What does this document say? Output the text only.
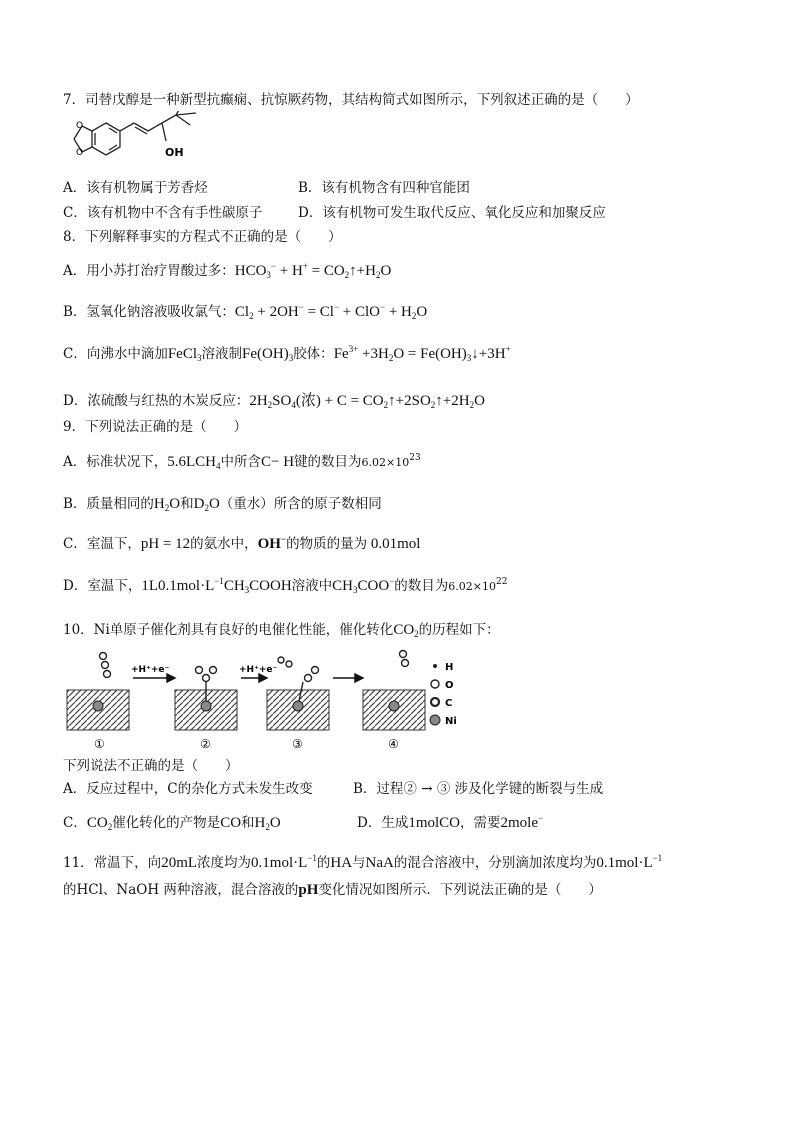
7．司替戊醇是一种新型抗癫痫、抗惊厥药物，其结构简式如图所示，下列叙述正确的是（　　）
O
O	OH
A．该有机物属于芳香烃	B．该有机物含有四种官能团
C．该有机物中不含有手性碳原子	D．该有机物可发生取代反应、氧化反应和加聚反应
8．下列解释事实的方程式不正确的是（　　）
A．用小苏打治疗胃酸过多：$HCO_3^- + H^+$ = $CO_2↑+H_2O$
B．氢氧化钠溶液吸收氯气：$Cl_2 + 2OH^- = Cl^- + ClO^- + H_2O$
C．向沸水中滴加FeCl$_3$溶液制$Fe(OH)_3$胶体：$Fe^{3+} +3H_2O$ = $Fe(OH)_3↓+3H^+$
D．浓硫酸与红热的木炭反应：$2H_2SO_4$(浓) + $C = CO_2↑+2SO_2↑+2H_2O$
9．下列说法正确的是（　　）
A．标准状况下，$5.6LCH_4$中所含C− H键的数目为$6.02\times 10^{23}$
B．质量相同的$H_2O$和$D_2O$（重水）所含的原子数相同
C．室温下，pH = 12的氨水中，OH−的物质的量为 0.01mol
D．室温下，$1L0.1mol\cdot L^{-1}CH_3COOH$溶液中$CH_3COO^-$的数目为$6.02\times 10^{22}$
10．Ni单原子催化剂具有良好的电催化性能，催化转化$CO_2$的历程如下：
+H⁺+e⁻	+H⁺+e⁻
①	②	③	④
H
O
C
Ni
下列说法不正确的是（　　）
A．反应过程中，C的杂化方式未发生改变	B．过程② → ③ 涉及化学键的断裂与生成
C．$CO_2$催化转化的产物是CO和$H_2O$	D．生成1molCO，需要2mole−
11．常温下，向20mL浓度均为$0.1mol\cdot L^{-1}$的HA与NaA的混合溶液中，分别滴加浓度均为$0.1mol\cdot L^{-1}$
的HCl、NaOH 两种溶液，混合溶液的pH变化情况如图所示．下列说法正确的是（　　）
